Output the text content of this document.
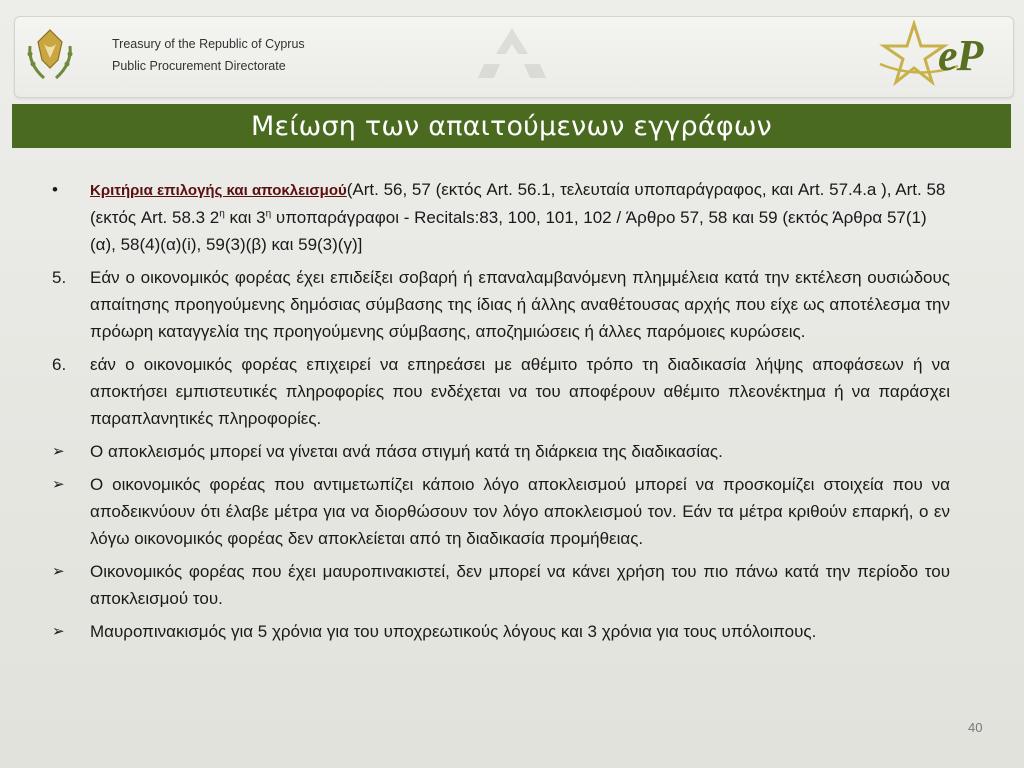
Treasury of the Republic of Cyprus
Public Procurement Directorate	eP
Μείωση των απαιτούμενων εγγράφων
•	Κριτήρια επιλογής και αποκλεισμού(Art. 56, 57 (εκτός Art. 56.1, τελευταία υποπαράγραφος, και Art. 57.4.a ), Art. 58 (εκτός Art. 58.3 $2^\eta$ και $3^\eta$ υποπαράγραφοι - Recitals:83, 100, 101, 102 / Άρθρο 57, 58 και 59 (εκτός Άρθρα 57(1)(α), 58(4)(α)(i), 59(3)(β) και 59(3)(γ)]
5.	Εάν ο οικονομικός φορέας έχει επιδείξει σοβαρή ή επαναλαμβανόμενη πλημμέλεια κατά την εκτέλεση ουσιώδους απαίτησης προηγούμενης δημόσιας σύμβασης της ίδιας ή άλλης αναθέτουσας αρχής που είχε ως αποτέλεσμα την πρόωρη καταγγελία της προηγούμενης σύμβασης, αποζημιώσεις ή άλλες παρόμοιες κυρώσεις.
6.	εάν ο οικονομικός φορέας επιχειρεί να επηρεάσει με αθέμιτο τρόπο τη διαδικασία λήψης αποφάσεων ή να αποκτήσει εμπιστευτικές πληροφορίες που ενδέχεται να του αποφέρουν αθέμιτο πλεονέκτημα ή να παράσχει παραπλανητικές πληροφορίες.
➢	Ο αποκλεισμός μπορεί να γίνεται ανά πάσα στιγμή κατά τη διάρκεια της διαδικασίας.
➢	Ο οικονομικός φορέας που αντιμετωπίζει κάποιο λόγο αποκλεισμού μπορεί να προσκομίζει στοιχεία που να αποδεικνύουν ότι έλαβε μέτρα για να διορθώσουν τον λόγο αποκλεισμού τον. Εάν τα μέτρα κριθούν επαρκή, ο εν λόγω οικονομικός φορέας δεν αποκλείεται από τη διαδικασία προμήθειας.
➢	Οικονομικός φορέας που έχει μαυροπινακιστεί, δεν μπορεί να κάνει χρήση του πιο πάνω κατά την περίοδο του αποκλεισμού του.
➢	Μαυροπινακισμός για 5 χρόνια για του υποχρεωτικούς λόγους και 3 χρόνια για τους υπόλοιπους.
40
